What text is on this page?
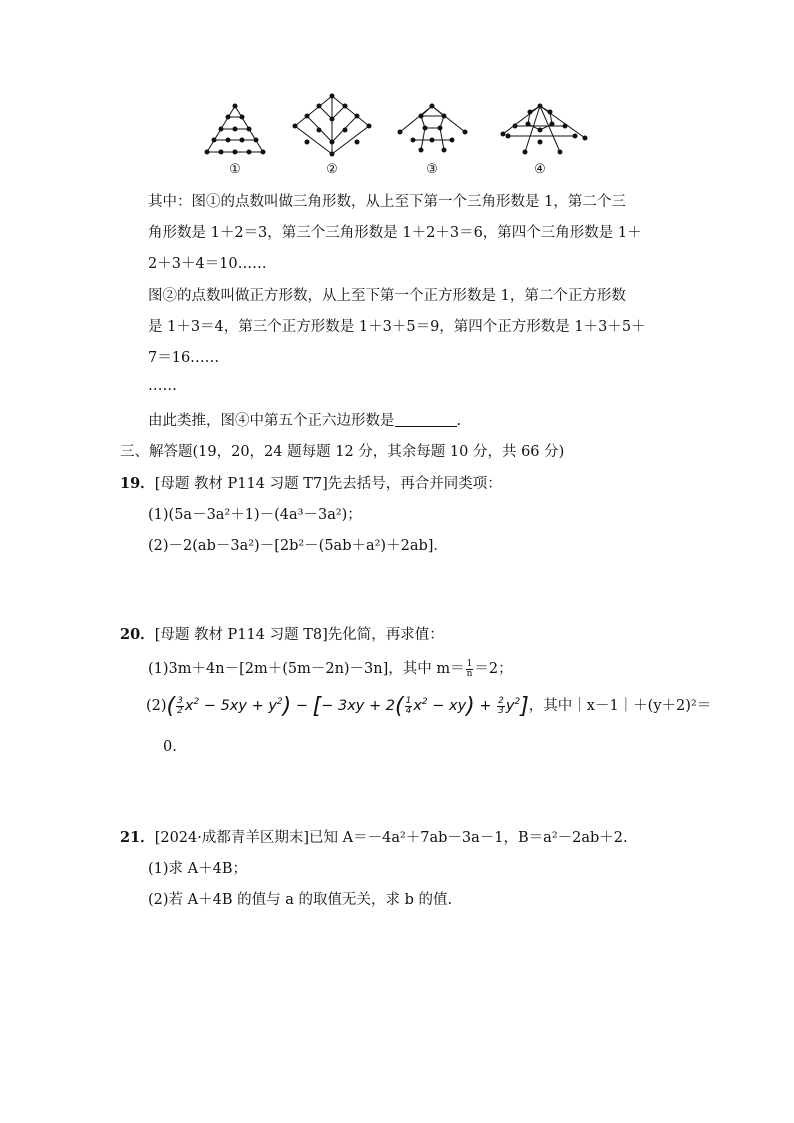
①	②	③	④
其中：图①的点数叫做三角形数，从上至下第一个三角形数是 1，第二个三
角形数是 1＋2＝3，第三个三角形数是 1＋2＋3＝6，第四个三角形数是 1＋
2＋3＋4＝10……
图②的点数叫做正方形数，从上至下第一个正方形数是 1，第二个正方形数
是 1＋3＝4，第三个正方形数是 1＋3＋5＝9，第四个正方形数是 1＋3＋5＋
7＝16……
……
由此类推，图④中第五个正六边形数是	.
三、解答题(19，20，24 题每题 12 分，其余每题 10 分，共 66 分)
19．[母题 教材 P114 习题 T7]先去括号，再合并同类项：
(1)(5a－3a²＋1)－(4a³－3a²)；
(2)－2(ab－3a²)－[2b²－(5ab＋a²)＋2ab]．
20．[母题 教材 P114 习题 T8]先化简，再求值：
(1)3m＋4n－[2m＋(5m－2n)－3n]，其中 $m= \frac{1}{n} =2$；
$(2)( \frac{3}{2} x^2 - 5xy + y^2)$ − [− $3xy + 2( \frac{1}{4} x^2 - xy) + \frac{2}{3} y^2$]，其中｜x－1｜＋(y＋2)²＝
0.
21．[2024·成都青羊区期末]已知 A＝－4a²＋7ab－3a－1，B＝a²－2ab＋2.
(1)求 A＋4B；
(2)若 A＋4B 的值与 a 的取值无关，求 b 的值.
